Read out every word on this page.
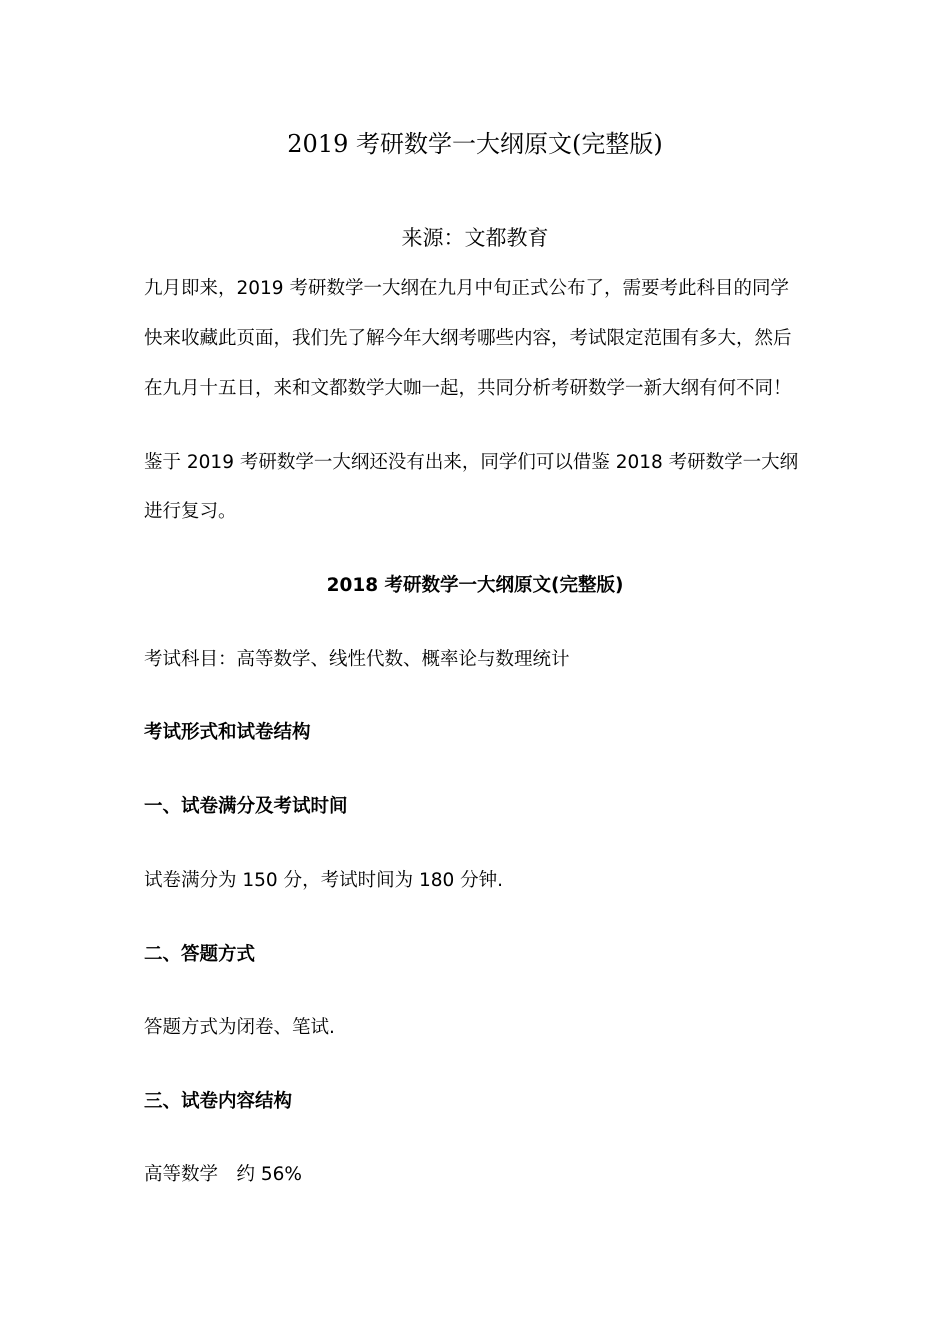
2019 考研数学一大纲原文(完整版)
来源：文都教育
九月即来，2019 考研数学一大纲在九月中旬正式公布了，需要考此科目的同学
快来收藏此页面，我们先了解今年大纲考哪些内容，考试限定范围有多大，然后
在九月十五日，来和文都数学大咖一起，共同分析考研数学一新大纲有何不同！
鉴于 2019 考研数学一大纲还没有出来，同学们可以借鉴 2018 考研数学一大纲
进行复习。
2018 考研数学一大纲原文(完整版)
考试科目：高等数学、线性代数、概率论与数理统计
考试形式和试卷结构
一、试卷满分及考试时间
试卷满分为 150 分，考试时间为 180 分钟.
二、答题方式
答题方式为闭卷、笔试.
三、试卷内容结构
高等数学　约 56%
